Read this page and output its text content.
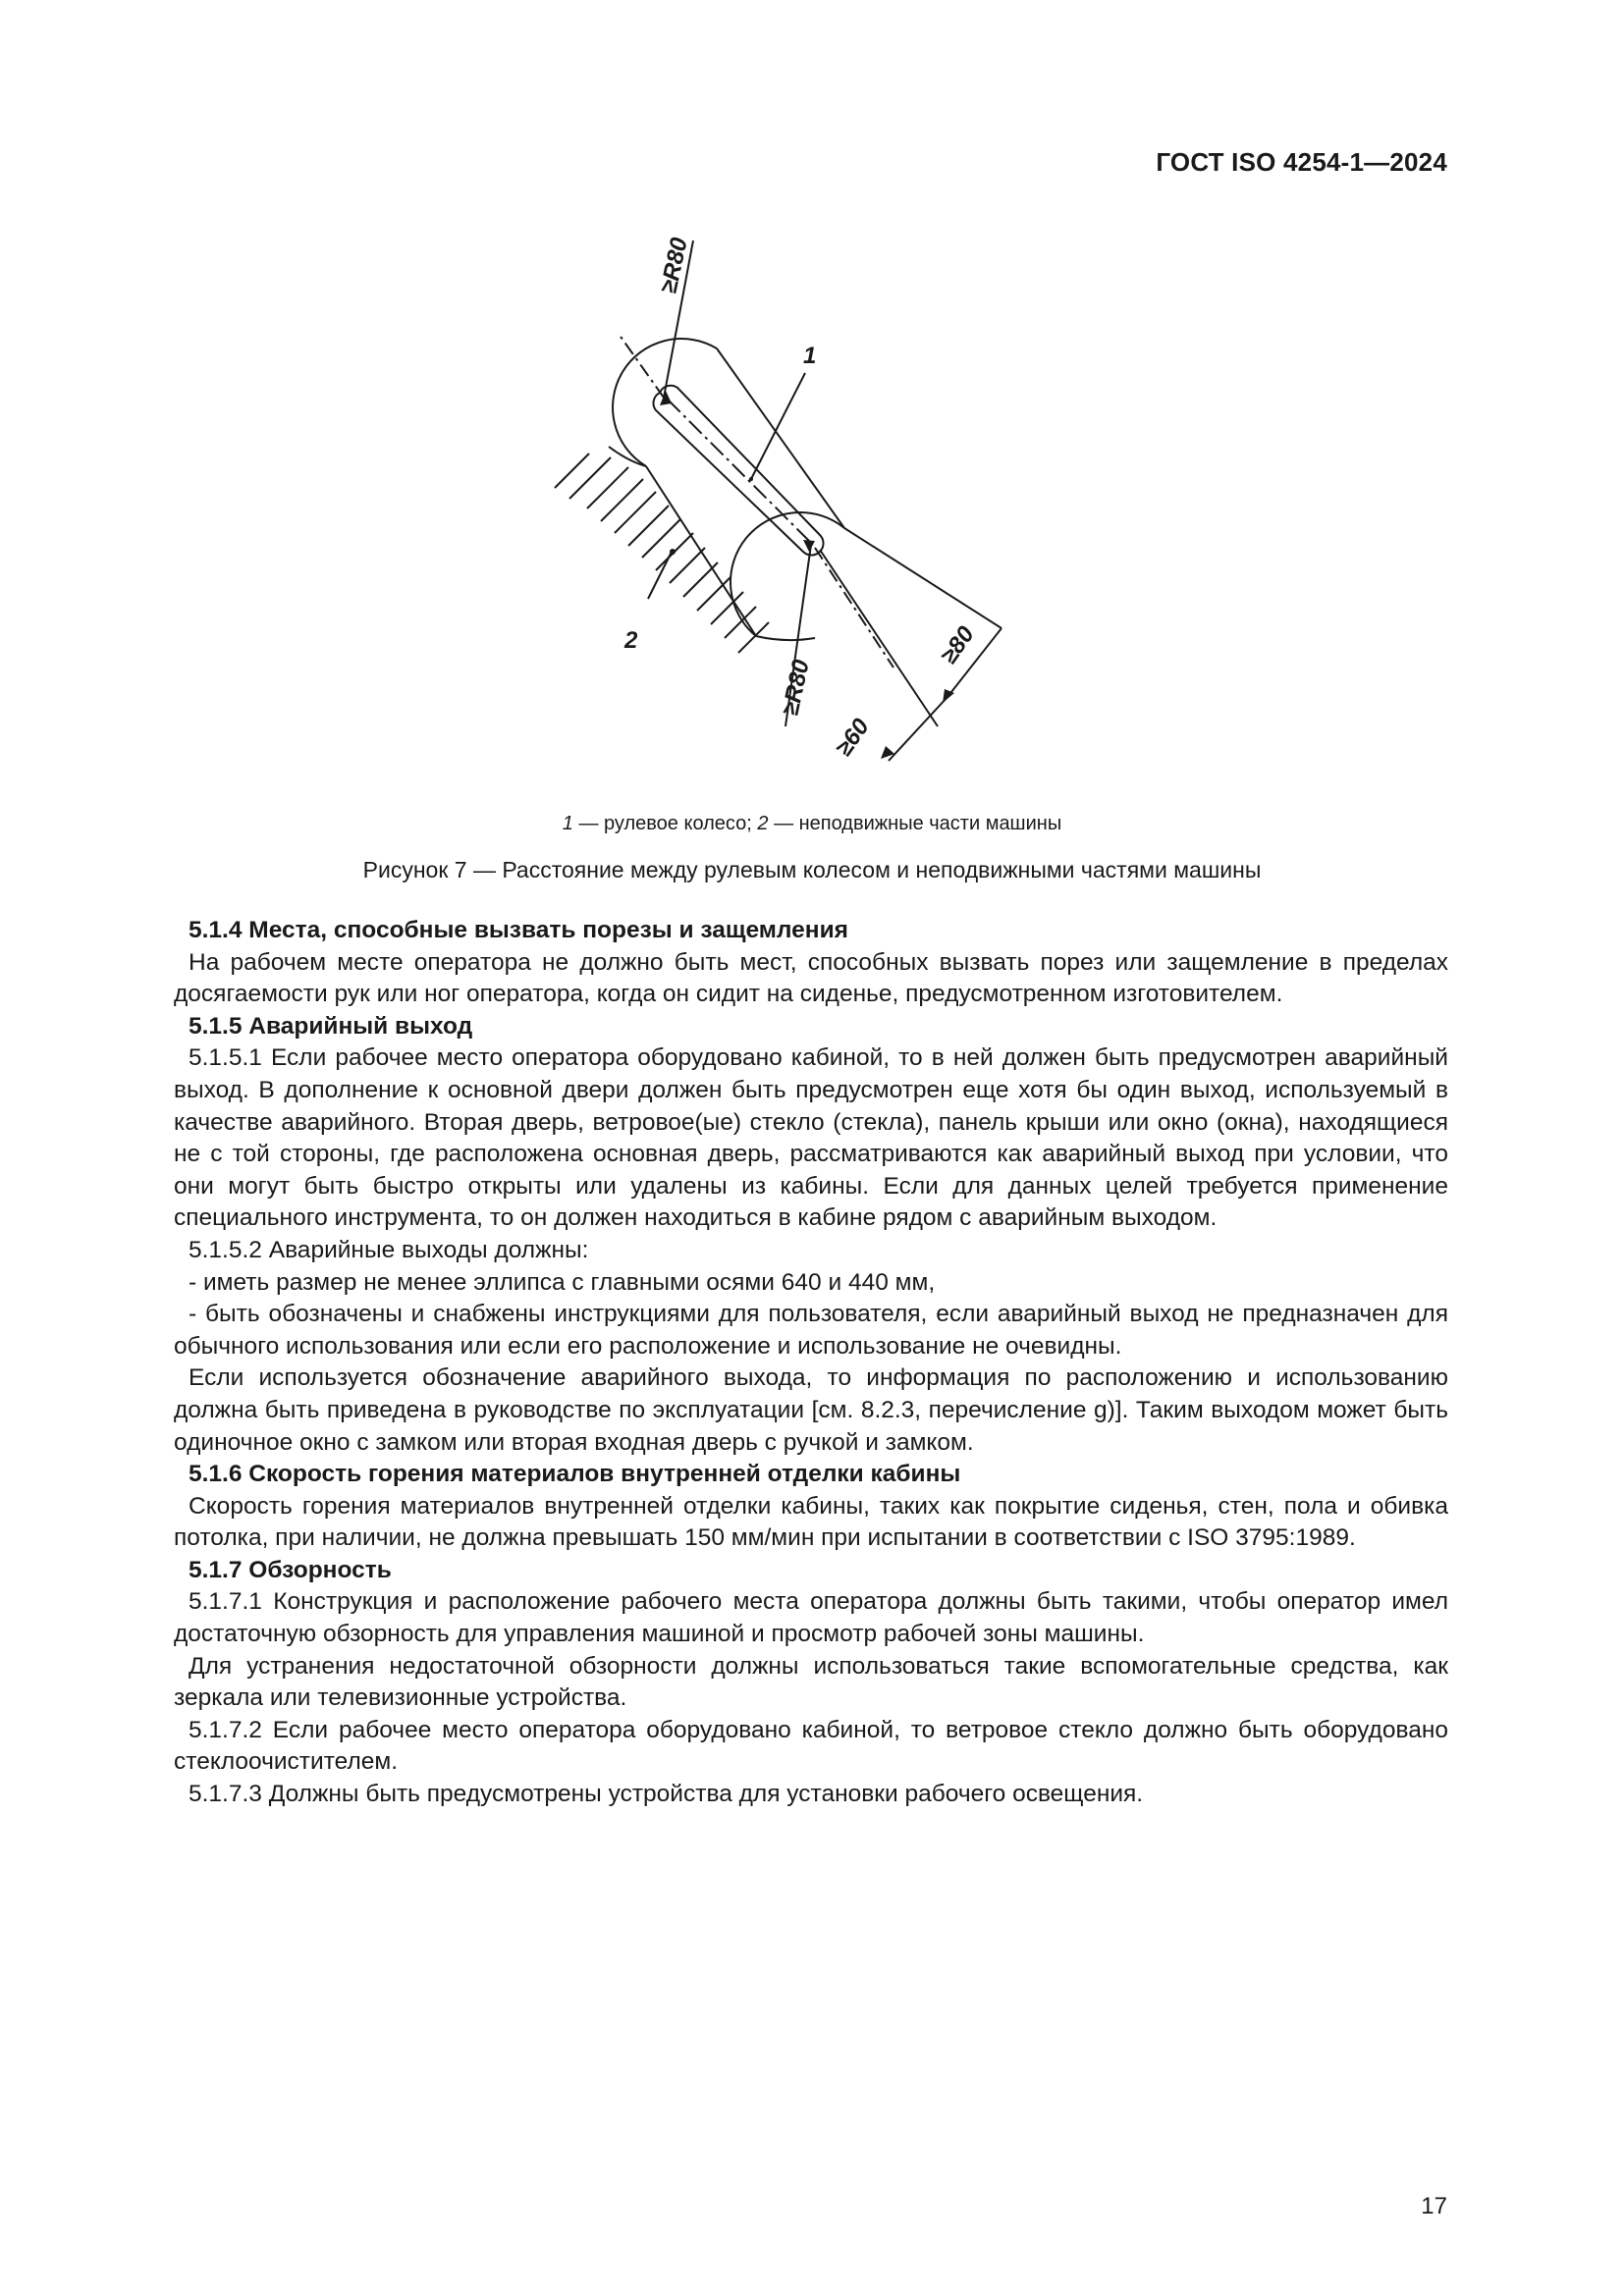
ГОСТ ISO 4254-1—2024
≥R80
≥R80
≥80
≥60
1
2
1 — рулевое колесо; 2 — неподвижные части машины
Рисунок 7 — Расстояние между рулевым колесом и неподвижными частями машины

5.1.4 Места, способные вызвать порезы и защемления

На рабочем месте оператора не должно быть мест, способных вызвать порез или защемление в пределах досягаемости рук или ног оператора, когда он сидит на сиденье, предусмотренном изготовителем.

5.1.5 Аварийный выход

5.1.5.1 Если рабочее место оператора оборудовано кабиной, то в ней должен быть предусмотрен аварийный выход. В дополнение к основной двери должен быть предусмотрен еще хотя бы один выход, используемый в качестве аварийного. Вторая дверь, ветровое(ые) стекло (стекла), панель крыши или окно (окна), находящиеся не с той стороны, где расположена основная дверь, рассматриваются как аварийный выход при условии, что они могут быть быстро открыты или удалены из кабины. Если для данных целей требуется применение специального инструмента, то он должен находиться в кабине рядом с аварийным выходом.

5.1.5.2 Аварийные выходы должны:

- иметь размер не менее эллипса с главными осями 640 и 440 мм,

- быть обозначены и снабжены инструкциями для пользователя, если аварийный выход не предназначен для обычного использования или если его расположение и использование не очевидны.

Если используется обозначение аварийного выхода, то информация по расположению и использованию должна быть приведена в руководстве по эксплуатации [см. 8.2.3, перечисление g)]. Таким выходом может быть одиночное окно с замком или вторая входная дверь с ручкой и замком.

5.1.6 Скорость горения материалов внутренней отделки кабины

Скорость горения материалов внутренней отделки кабины, таких как покрытие сиденья, стен, пола и обивка потолка, при наличии, не должна превышать 150 мм/мин при испытании в соответствии с ISO 3795:1989.

5.1.7 Обзорность

5.1.7.1 Конструкция и расположение рабочего места оператора должны быть такими, чтобы оператор имел достаточную обзорность для управления машиной и просмотр рабочей зоны машины.

Для устранения недостаточной обзорности должны использоваться такие вспомогательные средства, как зеркала или телевизионные устройства.

5.1.7.2 Если рабочее место оператора оборудовано кабиной, то ветровое стекло должно быть оборудовано стеклоочистителем.

5.1.7.3 Должны быть предусмотрены устройства для установки рабочего освещения.

17
